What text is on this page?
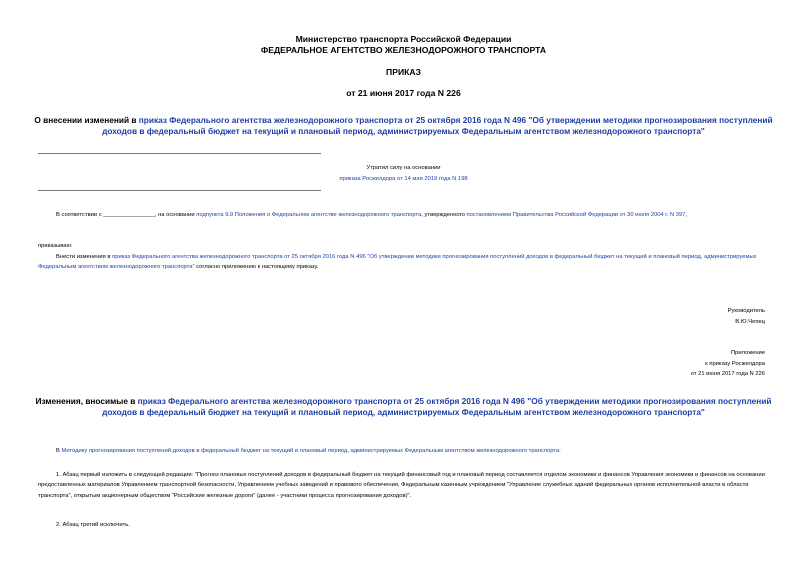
Министерство транспорта Российской Федерации
ФЕДЕРАЛЬНОЕ АГЕНТСТВО ЖЕЛЕЗНОДОРОЖНОГО ТРАНСПОРТА
ПРИКАЗ
от 21 июня 2017 года N 226
О внесении изменений в приказ Федерального агентства железнодорожного транспорта от 25 октября 2016 года N 496 "Об утверждении методики прогнозирования поступлений доходов в федеральный бюджет на текущий и плановый период, администрируемых Федеральным агентством железнодорожного транспорта"
Утратил силу на основании
приказа Росжелдора от 14 мая 2019 года N 198
В соответствии с ________________, на основании подпункта 9.9 Положения о Федеральном агентстве железнодорожного транспорта, утвержденного постановлением Правительства Российской Федерации от 30 июля 2004 г. N 397,
приказываю:
Внести изменения в приказ Федерального агентства железнодорожного транспорта от 25 октября 2016 года N 496 "Об утверждении методики прогнозирования поступлений доходов в федеральный бюджет на текущий и плановый период, администрируемых Федеральным агентством железнодорожного транспорта" согласно приложению к настоящему приказу.
Руководитель
В.Ю.Чепец
Приложение
к приказу Росжелдора
от 21 июня 2017 года N 226
Изменения, вносимые в приказ Федерального агентства железнодорожного транспорта от 25 октября 2016 года N 496 "Об утверждении методики прогнозирования поступлений доходов в федеральный бюджет на текущий и плановый период, администрируемых Федеральным агентством железнодорожного транспорта"
В Методику прогнозирования поступлений доходов в федеральный бюджет на текущий и плановый период, администрируемых Федеральным агентством железнодорожного транспорта:
1. Абзац первый изложить в следующей редакции: "Прогноз плановых поступлений доходов в федеральный бюджет на текущий финансовый год и плановый период составляется отделом экономики и финансов Управления экономики и финансов на основании предоставленных материалов Управлением транспортной безопасности, Управлением учебных заведений и правового обеспечения, Федеральным казенным учреждением "Управление служебных зданий федеральных органов исполнительной власти в области транспорта", открытым акционерным обществом "Российские железные дороги" (далее - участники процесса прогнозирования доходов)".
2. Абзац третий исключить.
